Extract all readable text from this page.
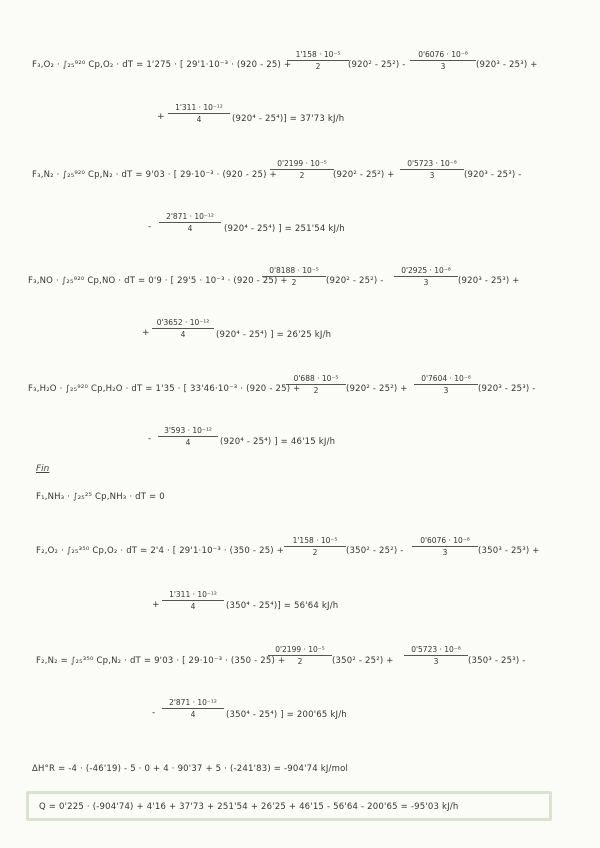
F₃,O₂ · ∫₂₅⁹²⁰ Cp,O₂ · dT = 1'275 · [ 29'1·10⁻³ · (920 - 25) +
$\frac{\text{1'158 · 10⁻⁵}}{2} (920^2 - 25^2) - \frac{\text{0'6076 · 10⁻⁸}}{3} (920^3 - 25^3)$ +
+ $\frac{\text{1'311 · 10⁻¹²}}{4} (920^4 - 25^4)] = 37'73$ kJ/h
F₃,N₂ · ∫₂₅⁹²⁰ Cp,N₂ · dT = 9'03 · [ 29·10⁻³ · (920 - 25) +
$\frac{\text{0'2199 · 10⁻⁵}}{2} (920^2 - 25^2) + \frac{\text{0'5723 · 10⁻⁸}}{3} (920^3 - 25^3)$ -
- $\frac{\text{2'871 · 10⁻¹²}}{4} (920^4 - 25^4)$ ] = 251'54 kJ/h
F₃,NO · ∫₂₅⁹²⁰ Cp,NO · dT = 0'9 · [ 29'5 · 10⁻³ · (920 - 25) +
$\frac{\text{0'8188 · 10⁻⁵}}{2} (920^2 - 25^2) - \frac{\text{0'2925 · 10⁻⁸}}{3} (920^3 - 25^3)$ +
+ $\frac{\text{0'3652 · 10⁻¹²}}{4} (920^4 - 25^4)$ ] = 26'25 kJ/h
F₃,H₂O · ∫₂₅⁹²⁰ Cp,H₂O · dT = 1'35 · [ 33'46·10⁻³ · (920 - 25) +
$\frac{\text{0'688 · 10⁻⁵}}{2} (920^2 - 25^2) + \frac{\text{0'7604 · 10⁻⁸}}{3} (920^3 - 25^3)$ -
- $\frac{\text{3'593 · 10⁻¹²}}{4} (920^4 - 25^4)$ ] = 46'15 kJ/h
Fin
F₁,NH₃ · ∫₂₅²⁵ Cp,NH₃ · dT = 0
F₂,O₂ · ∫₂₅³⁵⁰ Cp,O₂ · dT = 2'4 · [ $29'1\cdot 10^{-3} \cdot (350 - 25) + \frac{\text{1'158 · 10⁻⁵}}{2} (350^2 - 25^2) - \frac{\text{0'6076 · 10⁻⁸}}{3} (350^3 - 25^3)$ +
+ $\frac{\text{1'311 · 10⁻¹²}}{4} (350^4 - 25^4)] = 56'64$ kJ/h
F₂,N₂ = ∫₂₅³⁵⁰ Cp,N₂ · dT = 9'03 · [ 29·10⁻³ · (350 - 25) +
$\frac{\text{0'2199 · 10⁻⁵}}{2} (350^2 - 25^2) + \frac{\text{0'5723 · 10⁻⁸}}{3} (350^3 - 25^3)$ -
- $\frac{\text{2'871 · 10⁻¹²}}{4} (350^4 - 25^4)$ ] = 200'65 kJ/h
ΔH°R = -4 · (-46'19) - 5 · 0 + 4 · 90'37 + 5 · (-241'83) = -904'74 kJ/mol
Q = 0'225 · (-904'74) + 4'16 + 37'73 + 251'54 + 26'25 + 46'15 - 56'64 - 200'65 = -95'03 kJ/h
